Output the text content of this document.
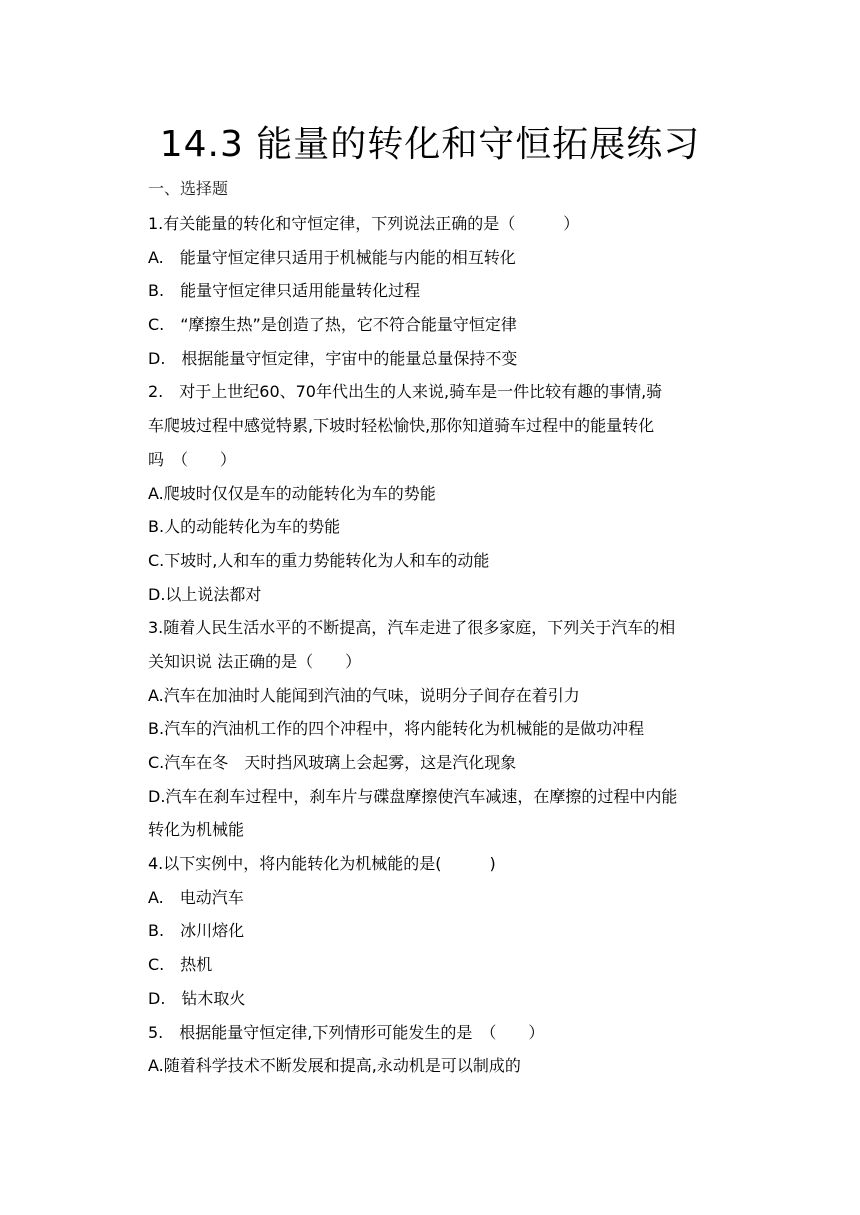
14.3 能量的转化和守恒拓展练习
一、选择题
1.有关能量的转化和守恒定律，下列说法正确的是（　　　）
A.　能量守恒定律只适用于机械能与内能的相互转化
B.　能量守恒定律只适用能量转化过程
C.　“摩擦生热”是创造了热，它不符合能量守恒定律
D.　根据能量守恒定律，宇宙中的能量总量保持不变
2.　对于上世纪60、70年代出生的人来说,骑车是一件比较有趣的事情,骑
车爬坡过程中感觉特累,下坡时轻松愉快,那你知道骑车过程中的能量转化
吗　（　　）
A.爬坡时仅仅是车的动能转化为车的势能
B.人的动能转化为车的势能
C.下坡时,人和车的重力势能转化为人和车的动能
D.以上说法都对
3.随着人民生活水平的不断提高，汽车走进了很多家庭，下列关于汽车的相
关知识说 法正确的是（　　）
A.汽车在加油时人能闻到汽油的气味，说明分子间存在着引力
B.汽车的汽油机工作的四个冲程中，将内能转化为机械能的是做功冲程
C.汽车在冬　天时挡风玻璃上会起雾，这是汽化现象
D.汽车在刹车过程中，刹车片与碟盘摩擦使汽车减速，在摩擦的过程中内能
转化为机械能
4.以下实例中，将内能转化为机械能的是(　　　)
A.　电动汽车
B.　冰川熔化
C.　热机
D.　钻木取火
5.　根据能量守恒定律,下列情形可能发生的是　（　　）
A.随着科学技术不断发展和提高,永动机是可以制成的
